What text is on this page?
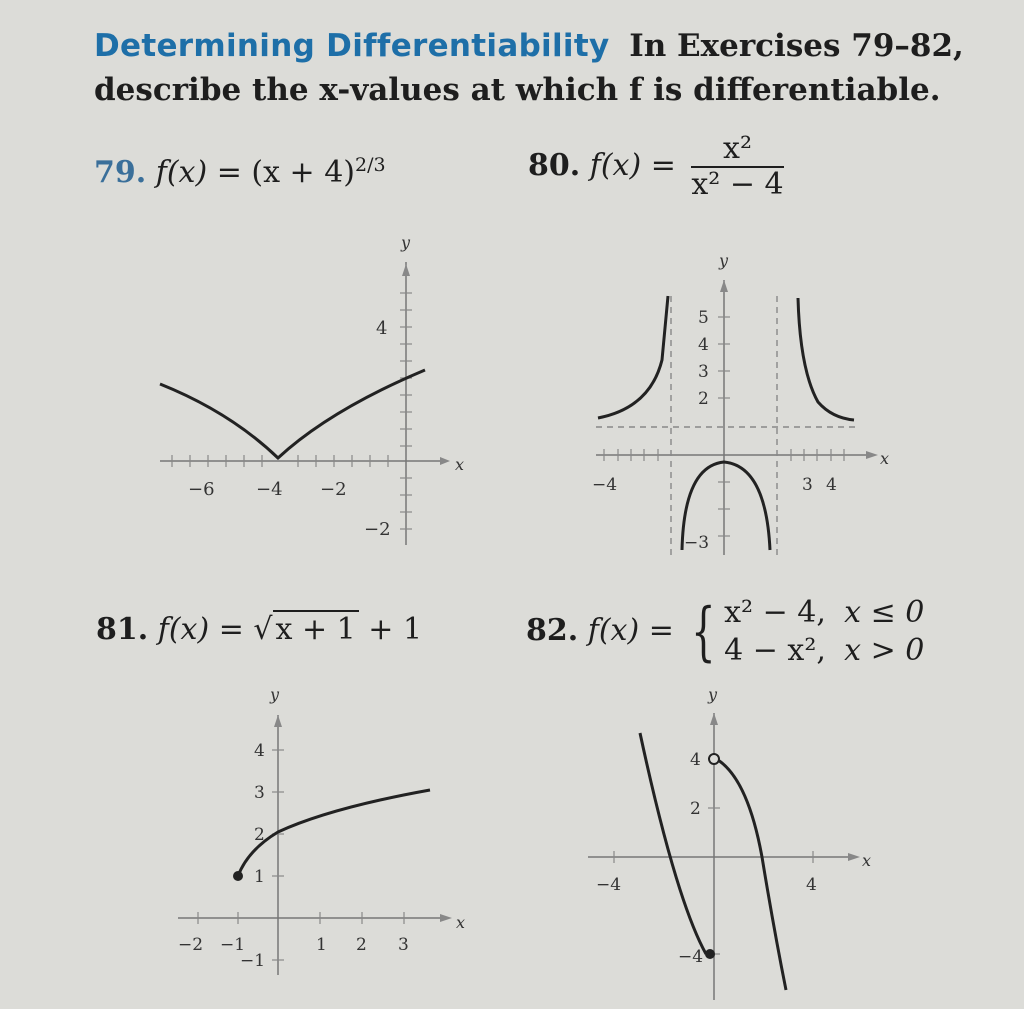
Determining Differentiability In Exercises 79–82,
describe the x-values at which f is differentiable.
79. $f(x) = (x + 4)^{2/3}$	80. $f(x) = \frac{\text{x²}}{\text{x² − 4}}$
81. f(x) = √ x + 1 + 1	82. f(x) = { x² − 4, x ≤ 0
4 − x², x > 0
x
y
−6 −4 −2
4
−2
x
y
−4	3 4
5
4
3
2
−3
x
y
−2 −1	1 2 3
4
3
2
1
−1
x
y
−4	4
4
2
−4
